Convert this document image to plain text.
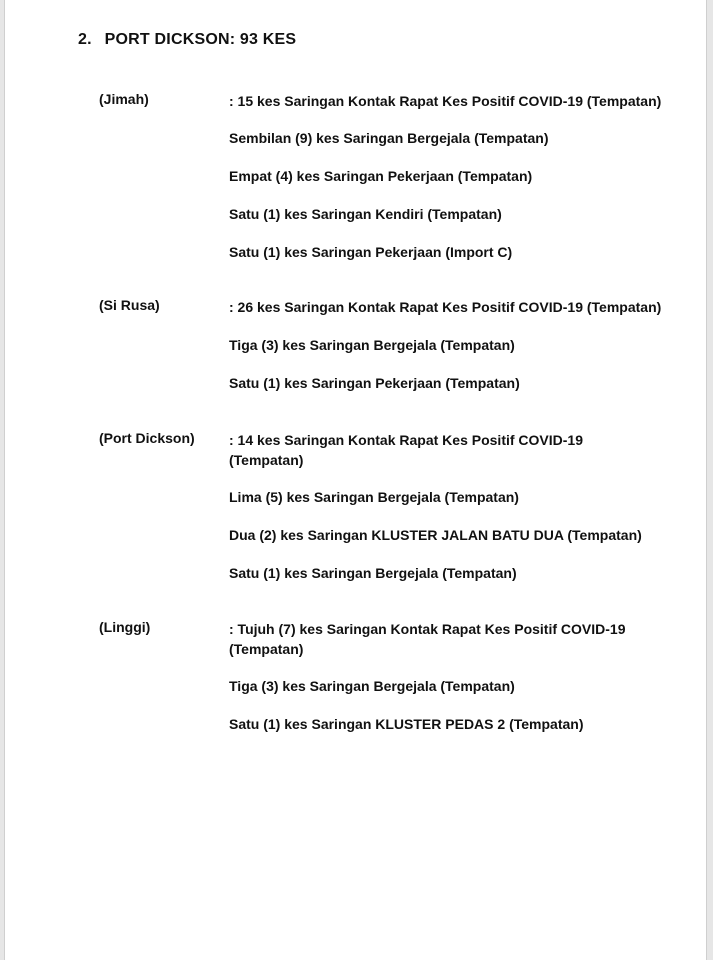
2. PORT DICKSON: 93 KES
(Jimah)	: 15 kes Saringan Kontak Rapat Kes Positif COVID-19 (Tempatan)
Sembilan (9) kes Saringan Bergejala (Tempatan)
Empat (4) kes Saringan Pekerjaan (Tempatan)
Satu (1) kes Saringan Kendiri (Tempatan)
Satu (1) kes Saringan Pekerjaan (Import C)
(Si Rusa)	: 26 kes Saringan Kontak Rapat Kes Positif COVID-19 (Tempatan)
Tiga (3) kes Saringan Bergejala (Tempatan)
Satu (1) kes Saringan Pekerjaan (Tempatan)
(Port Dickson) : 14 kes Saringan Kontak Rapat Kes Positif COVID-19
(Tempatan)
Lima (5) kes Saringan Bergejala (Tempatan)
Dua (2) kes Saringan KLUSTER JALAN BATU DUA (Tempatan)
Satu (1) kes Saringan Bergejala (Tempatan)
(Linggi)	: Tujuh (7) kes Saringan Kontak Rapat Kes Positif COVID-19
(Tempatan)
Tiga (3) kes Saringan Bergejala (Tempatan)
Satu (1) kes Saringan KLUSTER PEDAS 2 (Tempatan)
